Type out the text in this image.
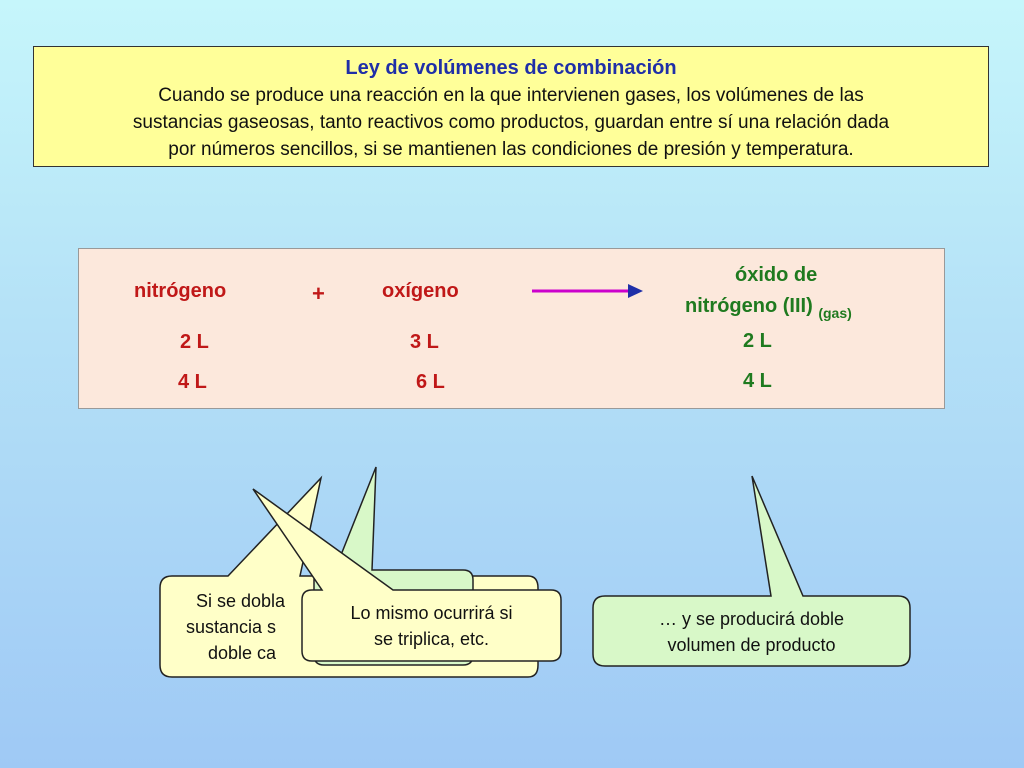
Ley de volúmenes de combinación
Cuando se produce una reacción en la que intervienen gases, los volúmenes de las
sustancias gaseosas, tanto reactivos como productos, guardan entre sí una relación dada
por números sencillos, si se mantienen las condiciones de presión y temperatura.
nitrógeno	+	oxígeno
óxido de
nitrógeno (III) $_{(gas)}$
2 L	3 L	2 L
4 L	6 L	4 L
Si se dobla
sustancia s
doble ca
Lo mismo ocurrirá si
se triplica, etc.
… y se producirá doble
volumen de producto
